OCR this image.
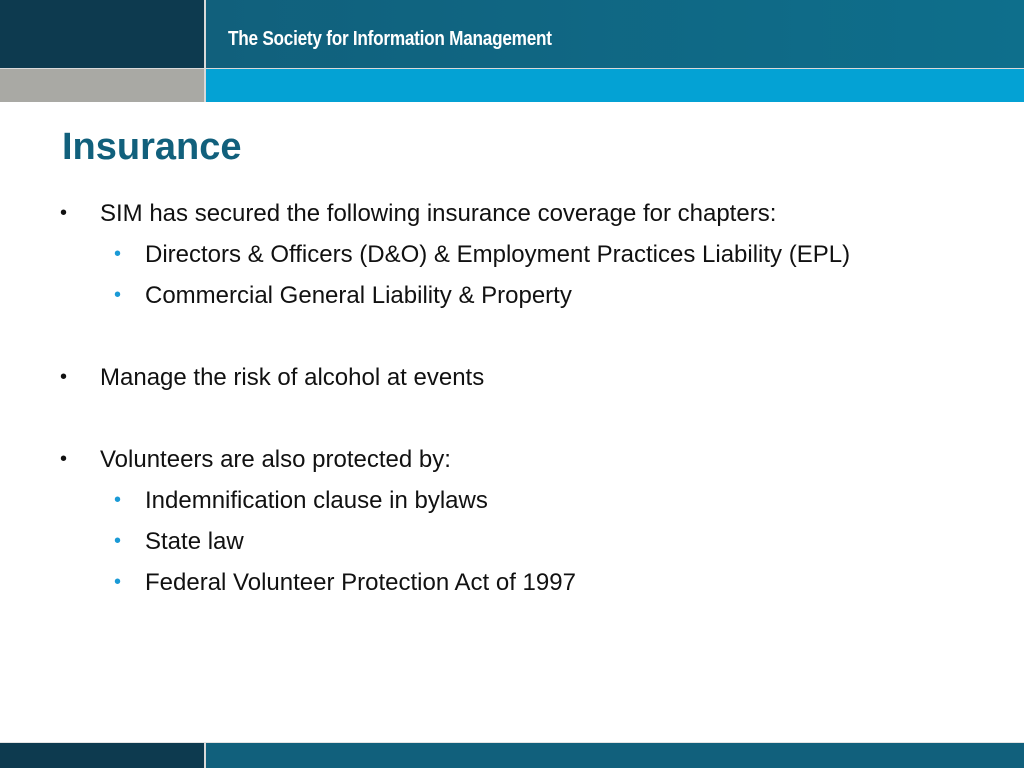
The Society for Information Management
Insurance
• SIM has secured the following insurance coverage for chapters:
• Directors & Officers (D&O) & Employment Practices Liability (EPL)
• Commercial General Liability & Property
• Manage the risk of alcohol at events
• Volunteers are also protected by:
• Indemnification clause in bylaws
• State law
• Federal Volunteer Protection Act of 1997
